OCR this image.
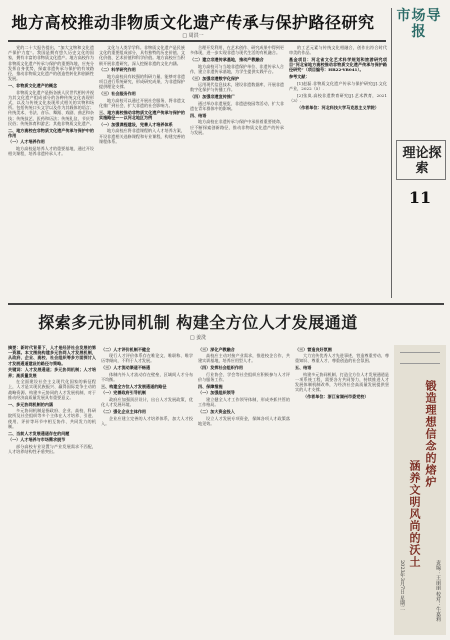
地方高校推动非物质文化遗产传承与保护路径研究
□ 周洪一

党的二十大报告提出，“加大文物和文化遗产保护力度”。我国是拥有悠久历史文化的国家，拥有丰富的非物质文化遗产。地方高校作为非物质文化遗产传承与保护的重要阵地，应充分发挥自身优势，探索非遗传承与保护的有效路径，推动非物质文化遗产的创造性转化和创新性发展。

一、非物质文化遗产的概念

非物质文化遗产是指各族人民世代相传并视为其文化遗产组成部分的各种传统文化表现形式，以及与传统文化表现形式相关的实物和场所。包括传统口头文学以及作为其载体的语言；传统美术、书法、音乐、舞蹈、戏剧、曲艺和杂技；传统技艺、医药和历法；传统礼仪、节庆等民俗；传统体育和游艺；其他非物质文化遗产。

二、地方高校在非物质文化遗产传承与保护中的作用

（一）人才培养作用

地方高校是培养人才的重要基地，通过开设相关课程，培养非遗传承人才。

文化与人类学学科。非物质文化遗产是民族文化的重要组成部分，具有独特的历史价值、文化价值、艺术价值和科学价值。地方高校应当积极开展非遗研究，深入挖掘非遗的文化内涵。

（二）科学研究作用

地方高校具有较强的科研力量，能够对非遗项目进行系统研究，形成研究成果，为非遗保护提供理论支撑。

（三）社会服务作用

地方高校可以通过开展社会服务，将非遗文化推广到社会，扩大非遗的社会影响力。

三、地方高校推动非物质文化遗产传承与保护的实施路径——以河北地区为例

（一）加强课程建设，完善人才培养体系

地方高校应将非遗课程纳入人才培养方案，开设非遗相关选修课程和专业课程，构建完善的课程体系。

合理开发利用，在艺术创作、研究成果中得到更多体现，进一步实现非遗与现代生活的有机融合。

（二）建立非遗传承基地，推动产教融合

地方高校可与当地非遗保护单位、非遗传承人合作，建立非遗传承基地，为学生提供实践平台。

（三）加强非遗数字化保护

运用现代信息技术，建设非遗数据库，开展非遗数字化保护与传播工作。

（四）加强非遗宣传推广

通过举办非遗展览、非遗进校园等活动，扩大非遗在青年群体中的影响。

四、结语

地方高校在非遗传承与保护中承担着重要使命，应不断探索创新路径，推动非物质文化遗产的传承与发展。

的工艺元素与传统文化相融合，创作出符合时代审美的作品。

基金项目：河北省文化艺术科学规划和旅游研究项目“河北省地方高校推动非物质文化遗产传承与保护路径研究”（项目编号：HB22-YB041）。

参考文献：

[1]赵磊.非物质文化遗产传承与保护研究[J].文化产业，2022（5）.

[2]张岚.高校非遗教育研究[J].艺术教育，2021（3）.

（作者单位：河北科技大学马克思主义学院）

市场导报
理论探索
11
探索多元协同机制 构建全方位人才发展通道
□ 姜洗

摘要：新时代背景下，人才是经济社会发展的第一资源。本文围绕构建多元协同人才发展机制，从政府、企业、高校、社会组织等多方面探讨人才发展通道建设的路径与策略。

关键词：人才发展通道；多元协同机制；人才培养；高质量发展

在全面建设社会主义现代化国家的新征程上，人才是实现民族振兴、赢得国际竞争主动的战略资源。构建多元协同的人才发展机制，对于推动经济高质量发展具有重要意义。

一、多元协同机制的内涵

多元协同机制是指政府、企业、高校、科研院所及社会组织等多个主体在人才培养、引进、使用、评价等环节中相互协作、共同发力的机制。

二、当前人才发展通道存在的问题

（一）人才培养与市场需求脱节

部分高校专业设置与产业发展需求不匹配，人才培养结构性矛盾突出。

（二）人才评价机制不健全

现行人才评价体系存在唯论文、唯职称、唯学历等倾向，不利于人才发展。

（三）人才流动渠道不畅通

体制内外人才流动存在壁垒，区域间人才分布不均衡。

三、构建全方位人才发展通道的路径

（一）完善政府引导机制

政府应加强顶层设计，出台人才发展政策，优化人才发展环境。

（二）强化企业主体作用

企业应建立完善的人才培养体系，加大人才投入。

（三）深化产教融合

高校应主动对接产业需求，推进校企合作，共建实训基地，培养应用型人才。

（四）发挥社会组织作用

行业协会、学会等社会组织应积极参与人才评价与服务工作。

四、保障措施

（一）加强组织领导

建立健全人才工作领导体制，形成齐抓共管的工作格局。

（二）加大资金投入

设立人才发展专项资金，保障各项人才政策落地见效。

（三）营造良好氛围

大力宣传优秀人才先进事迹，营造尊重劳动、尊重知识、尊重人才、尊重创造的社会氛围。

五、结语

构建多元协同机制、打造全方位人才发展通道是一项系统工程，需要各方共同努力，持续推进人才发展体制机制改革，为经济社会高质量发展提供坚实的人才支撑。

（作者单位：浙江省湖州市委党校）	锻造理想信念的熔炉
涵养文明风尚的沃土
2023年3月7日 星期二	责编：王丽丽 校对：牛嘉莉
